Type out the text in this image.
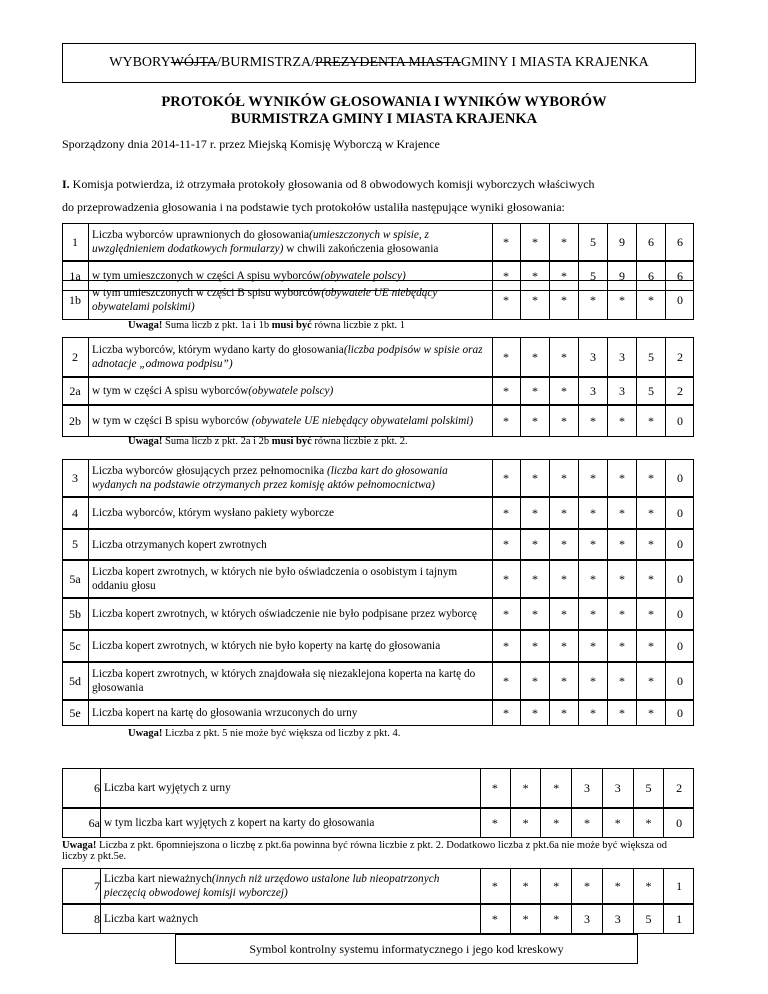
WYBORY WÓJTA /BURMISTRZA/ PREZYDENTA MIASTA GMINY I MIASTA KRAJENKA
PROTOKÓŁ WYNIKÓW GŁOSOWANIA I WYNIKÓW WYBORÓW
BURMISTRZA GMINY I MIASTA KRAJENKA
Sporządzony dnia 2014-11-17 r. przez Miejską Komisję Wyborczą w Krajence
I. Komisja potwierdza, iż otrzymała protokoły głosowania od 8 obwodowych komisji wyborczych właściwych
do przeprowadzenia głosowania i na podstawie tych protokołów ustaliła następujące wyniki głosowania:
1	Liczba wyborców uprawnionych do głosowania(umieszczonych w spisie, z uwzględnieniem dodatkowych formularzy) w chwili zakończenia głosowania
*	*	*	5	9	6	6
1a	w tym umieszczonych w części A spisu wyborców(obywatele polscy)	*	*	*	5	9	6	6
1b w tym umieszczonych w części B spisu wyborców(obywatele UE niebędący obywatelami polskimi)
*	*	*	*	*	*	0
Uwaga! Suma liczb z pkt. 1a i 1b musi być równa liczbie z pkt. 1
2	Liczba wyborców, którym wydano karty do głosowania(liczba podpisów w spisie oraz adnotacje „odmowa podpisu”)
*	*	*	3	3	5	2
2a	w tym w części A spisu wyborców(obywatele polscy)	*	*	*	3	3	5	2
2b w tym w części B spisu wyborców (obywatele UE niebędący obywatelami polskimi)	*	*	*	*	*	*	0
Uwaga! Suma liczb z pkt. 2a i 2b musi być równa liczbie z pkt. 2.
3	Liczba wyborców głosujących przez pełnomocnika (liczba kart do głosowania wydanych na podstawie otrzymanych przez komisję aktów pełnomocnictwa)
*	*	*	*	*	*	0
4	Liczba wyborców, którym wysłano pakiety wyborcze	*	*	*	*	*	*	0
5	Liczba otrzymanych kopert zwrotnych	*	*	*	*	*	*	0
5a	Liczba kopert zwrotnych, w których nie było oświadczenia o osobistym i tajnym oddaniu głosu
*	*	*	*	*	*	0
5b Liczba kopert zwrotnych, w których oświadczenie nie było podpisane przez wyborcę	*	*	*	*	*	*	0
5c	Liczba kopert zwrotnych, w których nie było koperty na kartę do głosowania	*	*	*	*	*	*	0
5d Liczba kopert zwrotnych, w których znajdowała się niezaklejona koperta na kartę do głosowania
*	*	*	*	*	*	0
5e	Liczba kopert na kartę do głosowania wrzuconych do urny	*	*	*	*	*	*	0
Uwaga! Liczba z pkt. 5 nie może być większa od liczby z pkt. 4.
6 Liczba kart wyjętych z urny	*	*	*	3	3	5	2
6a w tym liczba kart wyjętych z kopert na karty do głosowania	*	*	*	*	*	*	0
Uwaga! Liczba z pkt. 6pomniejszona o liczbę z pkt.6a powinna być równa liczbie z pkt. 2. Dodatkowo liczba z pkt.6a nie może być większa od liczby z pkt.5e.
7 Liczba kart nieważnych(innych niż urzędowo ustalone lub nieopatrzonych pieczęcią obwodowej komisji wyborczej)
*	*	*	*	*	*	1
8 Liczba kart ważnych	*	*	*	3	3	5	1
Symbol kontrolny systemu informatycznego i jego kod kreskowy
